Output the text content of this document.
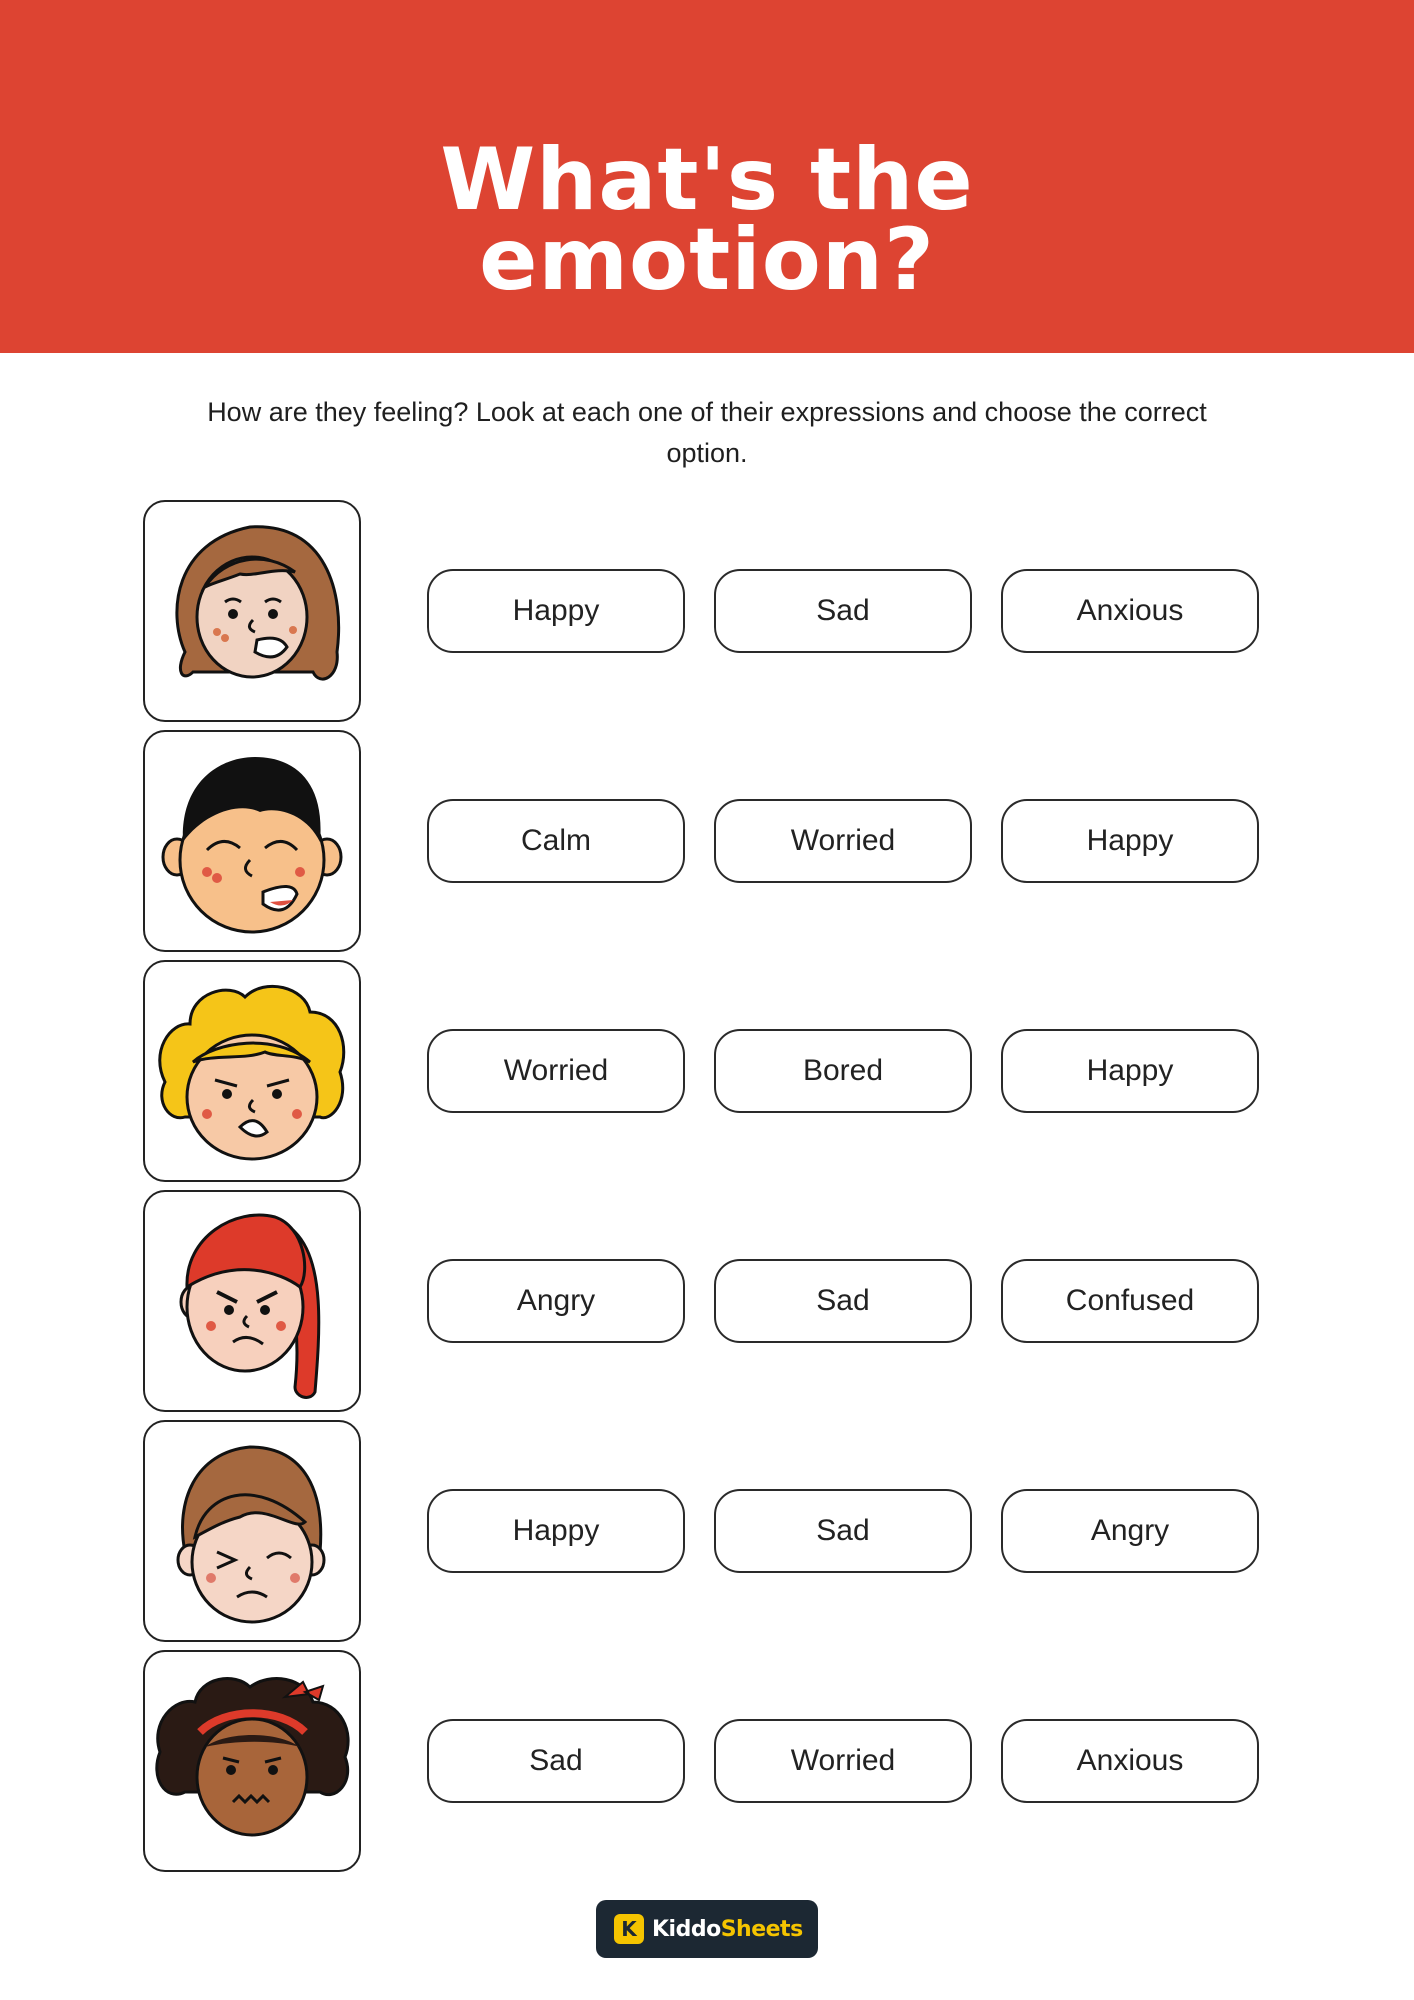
What's the
emotion?

How are they feeling? Look at each one of their expressions and choose the correct option.

Happy	Sad	Anxious
Calm	Worried	Happy
Worried	Bored	Happy
Angry	Sad	Confused
Happy	Sad	Angry
Sad	Worried	Anxious
K KiddoSheets
